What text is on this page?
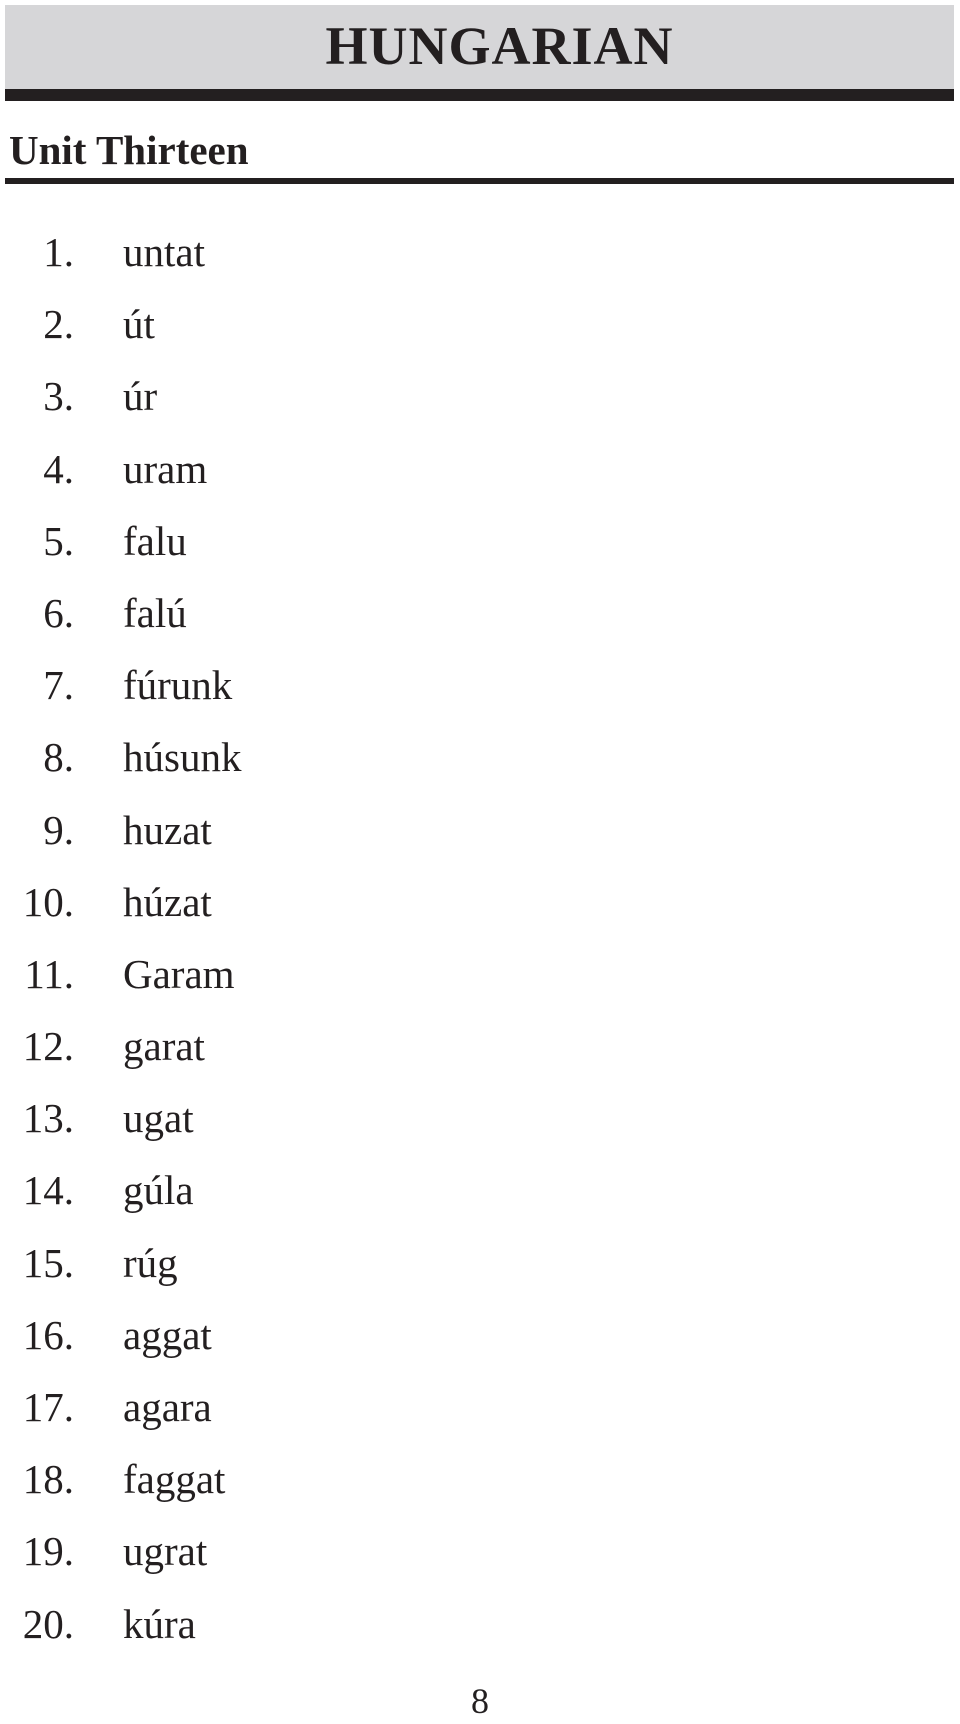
HUNGARIAN
Unit Thirteen
1. untat
2. út
3. úr
4. uram
5. falu
6. falú
7. fúrunk
8. húsunk
9. huzat
10. húzat
11. Garam
12. garat
13. ugat
14. gúla
15. rúg
16. aggat
17. agara
18. faggat
19. ugrat
20. kúra
8
